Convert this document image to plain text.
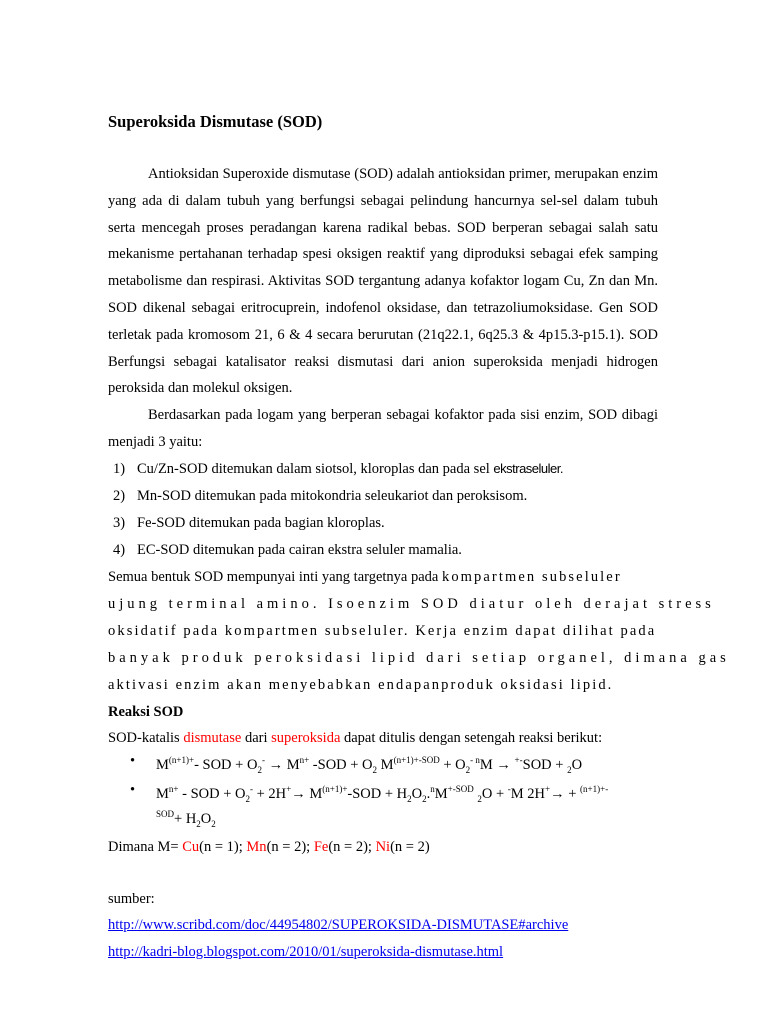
Superoksida Dismutase (SOD)

Antioksidan Superoxide dismutase (SOD) adalah antioksidan primer, merupakan enzim yang ada di dalam tubuh yang berfungsi sebagai pelindung hancurnya sel-sel dalam tubuh serta mencegah proses peradangan karena radikal bebas. SOD berperan sebagai salah satu mekanisme pertahanan terhadap spesi oksigen reaktif yang diproduksi sebagai efek samping metabolisme dan respirasi. Aktivitas SOD tergantung adanya kofaktor logam Cu, Zn dan Mn. SOD dikenal sebagai eritrocuprein, indofenol oksidase, dan tetrazoliumoksidase. Gen SOD terletak pada kromosom 21, 6 & 4 secara berurutan (21q22.1, 6q25.3 & 4p15.3-p15.1). SOD Berfungsi sebagai katalisator reaksi dismutasi dari anion superoksida menjadi hidrogen peroksida dan molekul oksigen.

Berdasarkan pada logam yang berperan sebagai kofaktor pada sisi enzim, SOD dibagi menjadi 3 yaitu:

1) Cu/Zn-SOD ditemukan dalam siotsol, kloroplas dan pada sel ekstraseluler.
2) Mn-SOD ditemukan pada mitokondria seleukariot dan peroksisom.
3) Fe-SOD ditemukan pada bagian kloroplas.
4) EC-SOD ditemukan pada cairan ekstra seluler mamalia.
Semua bentuk SOD mempunyai inti yang targetnya pada kompartmen subseluler
ujung terminal amino. Isoenzim SOD diatur oleh derajat stress
oksidatif pada kompartmen subseluler. Kerja enzim dapat dilihat pada
banyak produk peroksidasi lipid dari setiap organel, dimana gas
aktivasi enzim akan menyebabkan endapanproduk oksidasi lipid.
Reaksi SOD
SOD-katalis dismutase dari superoksida dapat ditulis dengan setengah reaksi berikut:
• $M^{(n+1)+}-$ SOD + $O_2^- \to M^{n+}$ $-SOD + O_2$ $M^{(n+1)+-SOD} + O_2^{- n}M \to ^{+-}SOD + _2O$
• $M^{n+}$ - SOD + $O_2^- + 2H^+\to M^{(n+1)+}-SOD + H_2O_2.^nM^{+-SOD}$ $_2$O + -M 2H+→ + $^{(n+1)+-}$
$^{SOD}+ H_2O_2$
Dimana M= Cu(n = 1); Mn(n = 2); Fe(n = 2); Ni(n = 2)
sumber:
http://www.scribd.com/doc/44954802/SUPEROKSIDA-DISMUTASE#archive
http://kadri-blog.blogspot.com/2010/01/superoksida-dismutase.html
